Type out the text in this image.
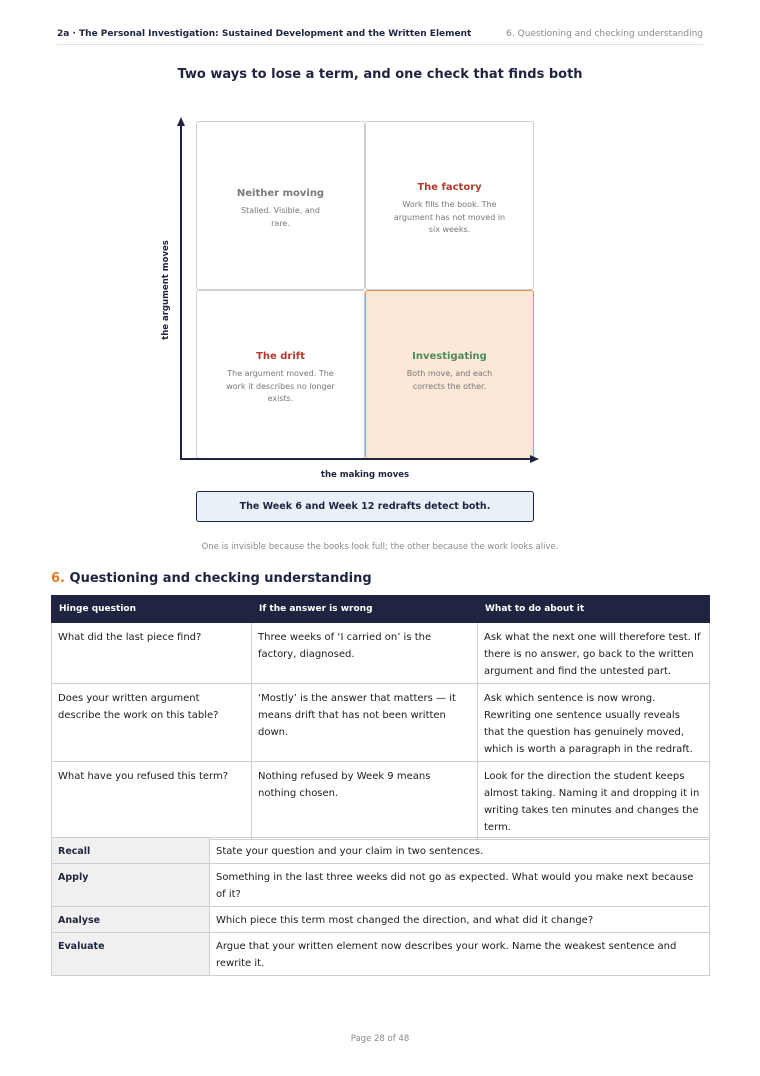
2a · The Personal Investigation: Sustained Development and the Written Element	6. Questioning and checking understanding
Two ways to lose a term, and one check that finds both
Neither moving
Stalled. Visible, and rare.
The factory
Work fills the book. The argument has not moved in six weeks.
The drift
The argument moved. The work it describes no longer exists.
Investigating
Both move, and each corrects the other.
the argument moves
the making moves
The Week 6 and Week 12 redrafts detect both.
One is invisible because the books look full; the other because the work looks alive.
6. Questioning and checking understanding
Hinge question	If the answer is wrong	What to do about it
What did the last piece find?	Three weeks of ‘I carried on’ is the factory, diagnosed.	Ask what the next one will therefore test. If there is no answer, go back to the written argument and find the untested part.
Does your written argument describe the work on this table?	‘Mostly’ is the answer that matters — it means drift that has not been written down.	Ask which sentence is now wrong. Rewriting one sentence usually reveals that the question has genuinely moved, which is worth a paragraph in the redraft.
What have you refused this term?	Nothing refused by Week 9 means nothing chosen.	Look for the direction the student keeps almost taking. Naming it and dropping it in writing takes ten minutes and changes the term.
Recall	State your question and your claim in two sentences.
Apply	Something in the last three weeks did not go as expected. What would you make next because of it?
Analyse	Which piece this term most changed the direction, and what did it change?
Evaluate	Argue that your written element now describes your work. Name the weakest sentence and rewrite it.
Page 28 of 48
